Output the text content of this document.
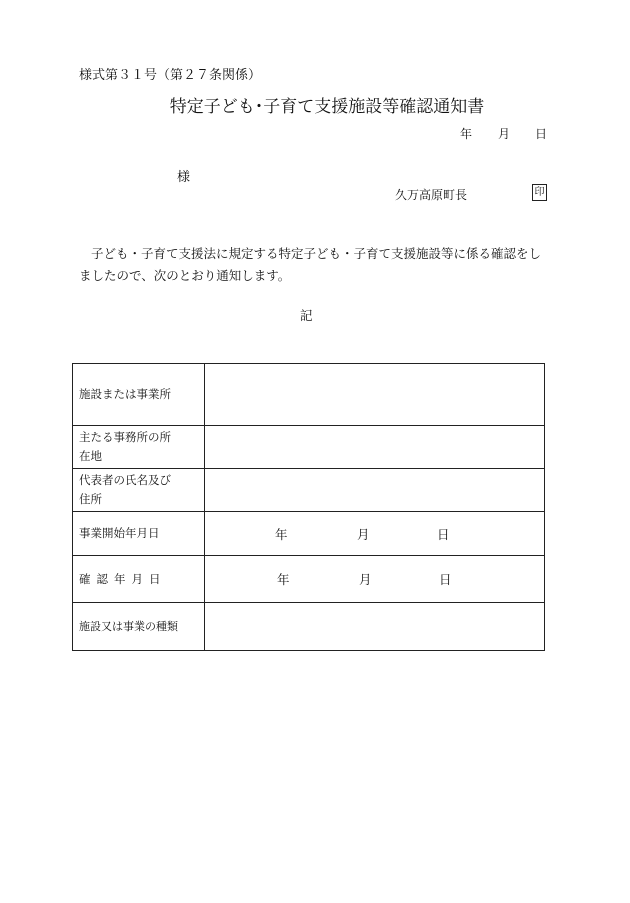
様式第３１号（第２７条関係）
特定子ども･子育て支援施設等確認通知書
年 月 日
様
久万高原町長	印
子ども・子育て支援法に規定する特定子ども・子育て支援施設等に係る確認をし
ましたので、次のとおり通知します。
記
施設または事業所	
主たる事務所の所
在地	
代表者の氏名及び
住所	
事業開始年月日	年 月 日

確認年月日	年 月 日

施設又は事業の種類	
